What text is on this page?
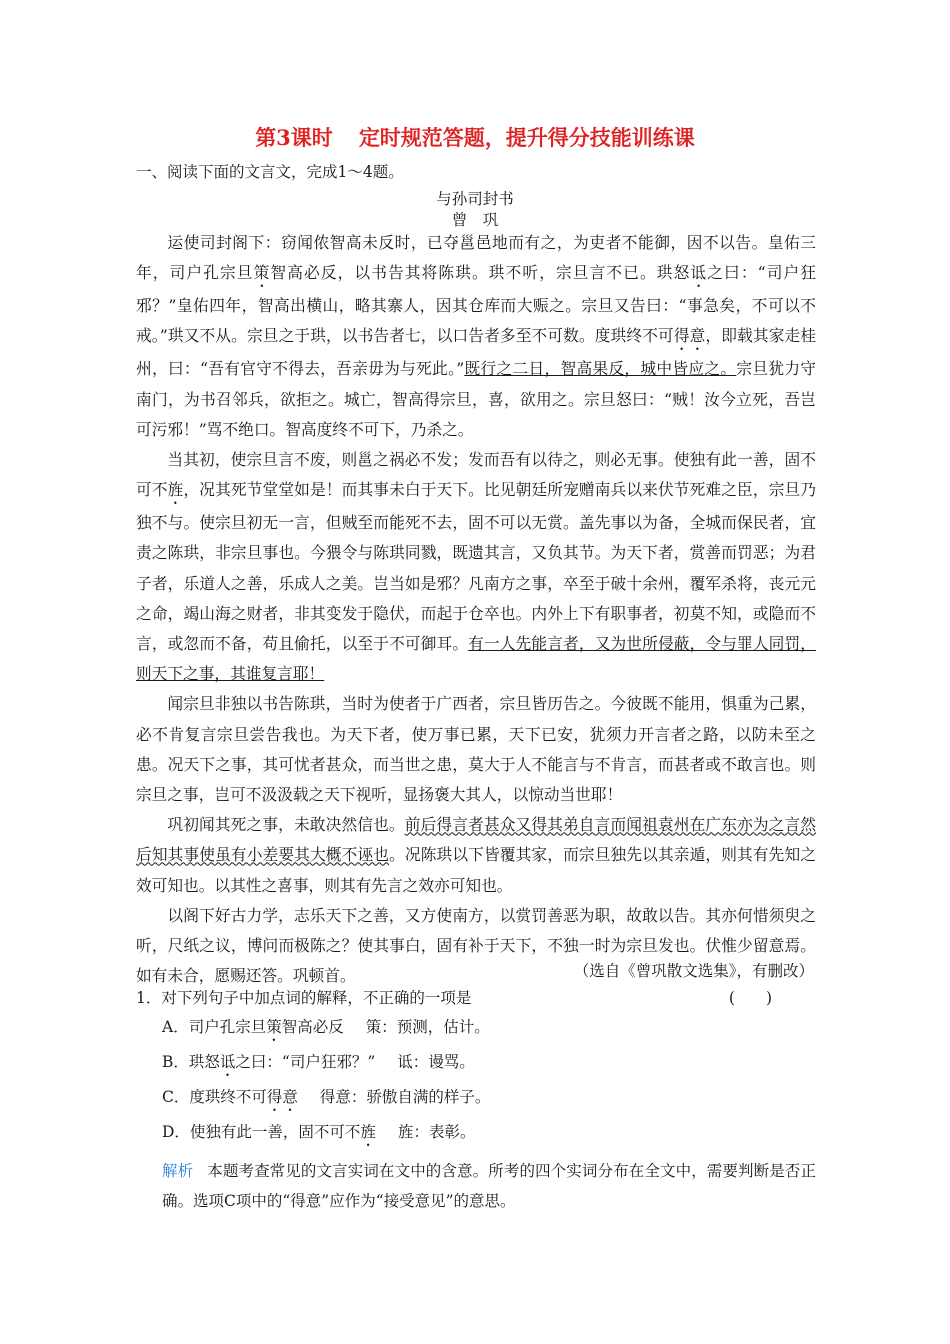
第3课时 定时规范答题，提升得分技能训练课
一、阅读下面的文言文，完成1～4题。
与孙司封书
曾　巩

运使司封阁下：窃闻侬智高未反时，已夺邕邑地而有之，为吏者不能御，因不以告。皇佑三年，司户孔宗旦策智高必反，以书告其将陈珙。珙不听，宗旦言不已。珙怒诋之曰：“司户狂邪？”皇佑四年，智高出横山，略其寨人，因其仓库而大赈之。宗旦又告曰：“事急矣，不可以不戒。”珙又不从。宗旦之于珙，以书告者七，以口告者多至不可数。度珙终不可得意，即载其家走桂州，曰：“吾有官守不得去，吾亲毋为与死此。”既行之二日，智高果反，城中皆应之。宗旦犹力守南门，为书召邻兵，欲拒之。城亡，智高得宗旦，喜，欲用之。宗旦怒曰：“贼！汝今立死，吾岂可污邪！”骂不绝口。智高度终不可下，乃杀之。

当其初，使宗旦言不废，则邕之祸必不发；发而吾有以待之，则必无事。使独有此一善，固不可不旌，况其死节堂堂如是！而其事未白于天下。比见朝廷所宠赠南兵以来伏节死难之臣，宗旦乃独不与。使宗旦初无一言，但贼至而能死不去，固不可以无赏。盖先事以为备，全城而保民者，宜责之陈珙，非宗旦事也。今猥令与陈珙同戮，既遗其言，又负其节。为天下者，赏善而罚恶；为君子者，乐道人之善，乐成人之美。岂当如是邪？凡南方之事，卒至于破十余州，覆军杀将，丧元元之命，竭山海之财者，非其变发于隐伏，而起于仓卒也。内外上下有职事者，初莫不知，或隐而不言，或忽而不备，苟且偷托，以至于不可御耳。有一人先能言者，又为世所侵蔽，令与罪人同罚，则天下之事，其谁复言耶！

闻宗旦非独以书告陈珙，当时为使者于广西者，宗旦皆历告之。今彼既不能用，惧重为己累，必不肯复言宗旦尝告我也。为天下者，使万事已累，天下已安，犹须力开言者之路，以防未至之患。况天下之事，其可忧者甚众，而当世之患，莫大于人不能言与不肯言，而甚者或不敢言也。则宗旦之事，岂可不汲汲载之天下视听，显扬褒大其人，以惊动当世耶！

巩初闻其死之事，未敢决然信也。前后得言者甚众又得其弟自言而闻祖袁州在广东亦为之言然后知其事使虽有小差要其大概不诬也。况陈珙以下皆覆其家，而宗旦独先以其亲遁，则其有先知之效可知也。以其性之喜事，则其有先言之效亦可知也。

以阁下好古力学，志乐天下之善，又方使南方，以赏罚善恶为职，故敢以告。其亦何惜须臾之听，尺纸之议，博问而极陈之？使其事白，固有补于天下，不独一时为宗旦发也。伏惟少留意焉。如有未合，愿赐还答。巩顿首。	（选自《曾巩散文选集》，有删改）
1．对下列句子中加点词的解释，不正确的一项是	(　　)
A．司户孔宗旦策智高必反 策：预测，估计。
B．珙怒诋之曰：“司户狂邪？” 诋：谩骂。
C．度珙终不可得意 得意：骄傲自满的样子。
D．使独有此一善，固不可不旌 旌：表彰。
解析 本题考查常见的文言实词在文中的含意。所考的四个实词分布在全文中，需要判断是否正确。选项C项中的“得意”应作为“接受意见”的意思。
